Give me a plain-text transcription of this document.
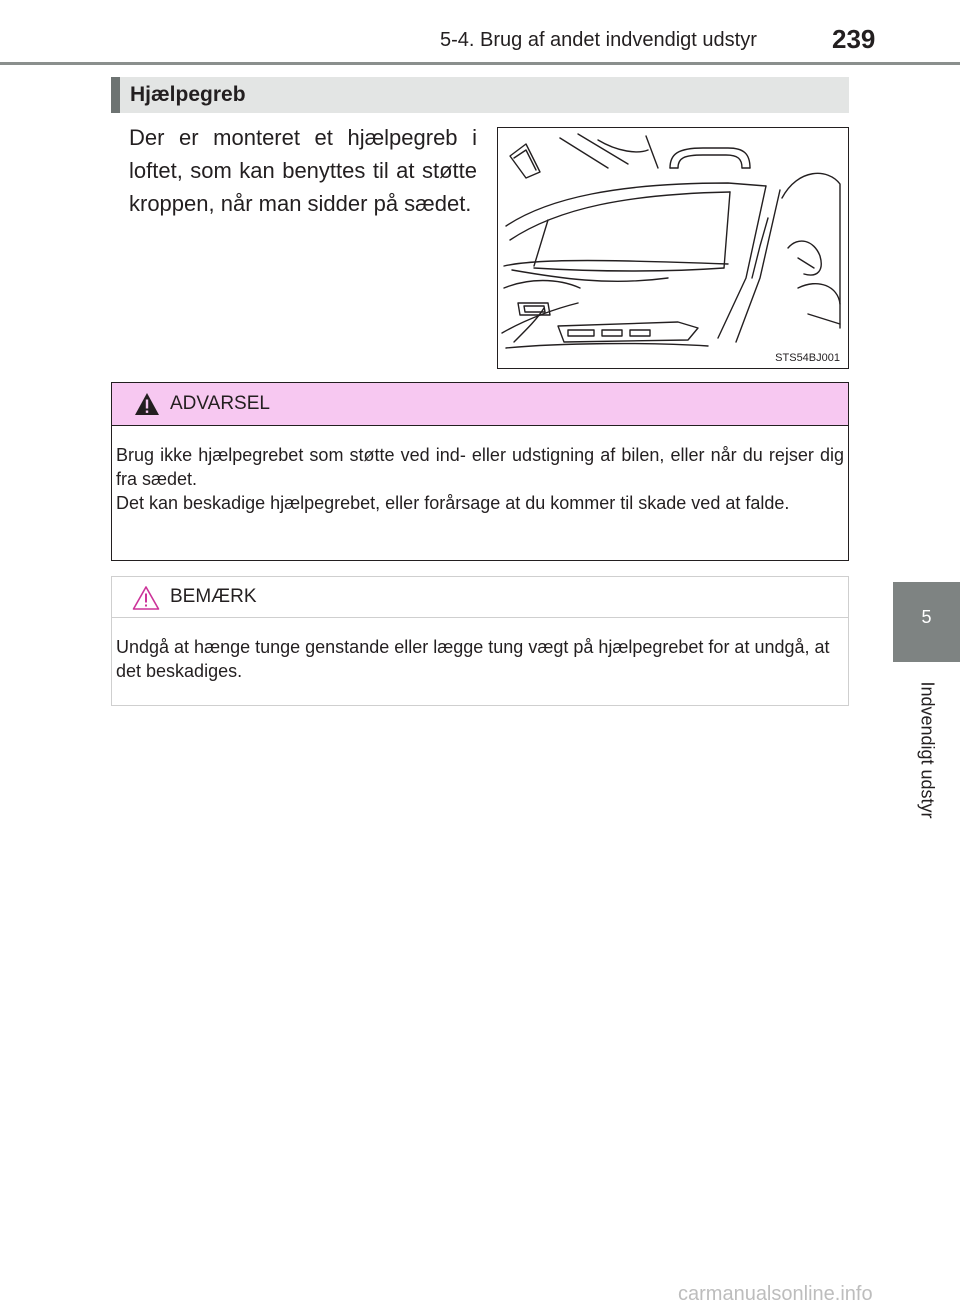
5-4. Brug af andet indvendigt udstyr	239
5
Indvendigt udstyr
Hjælpegreb

Der er monteret et hjælpegreb i loftet, som kan benyttes til at støtte kroppen, når man sidder på sædet.

STS54BJ001
ADVARSEL

Brug ikke hjælpegrebet som støtte ved ind- eller udstigning af bilen, eller når du rejser dig fra sædet.
Det kan beskadige hjælpegrebet, eller forårsage at du kommer til skade ved at falde.

BEMÆRK

Undgå at hænge tunge genstande eller lægge tung vægt på hjælpegrebet for at undgå, at det beskadiges.

carmanualsonline.info
